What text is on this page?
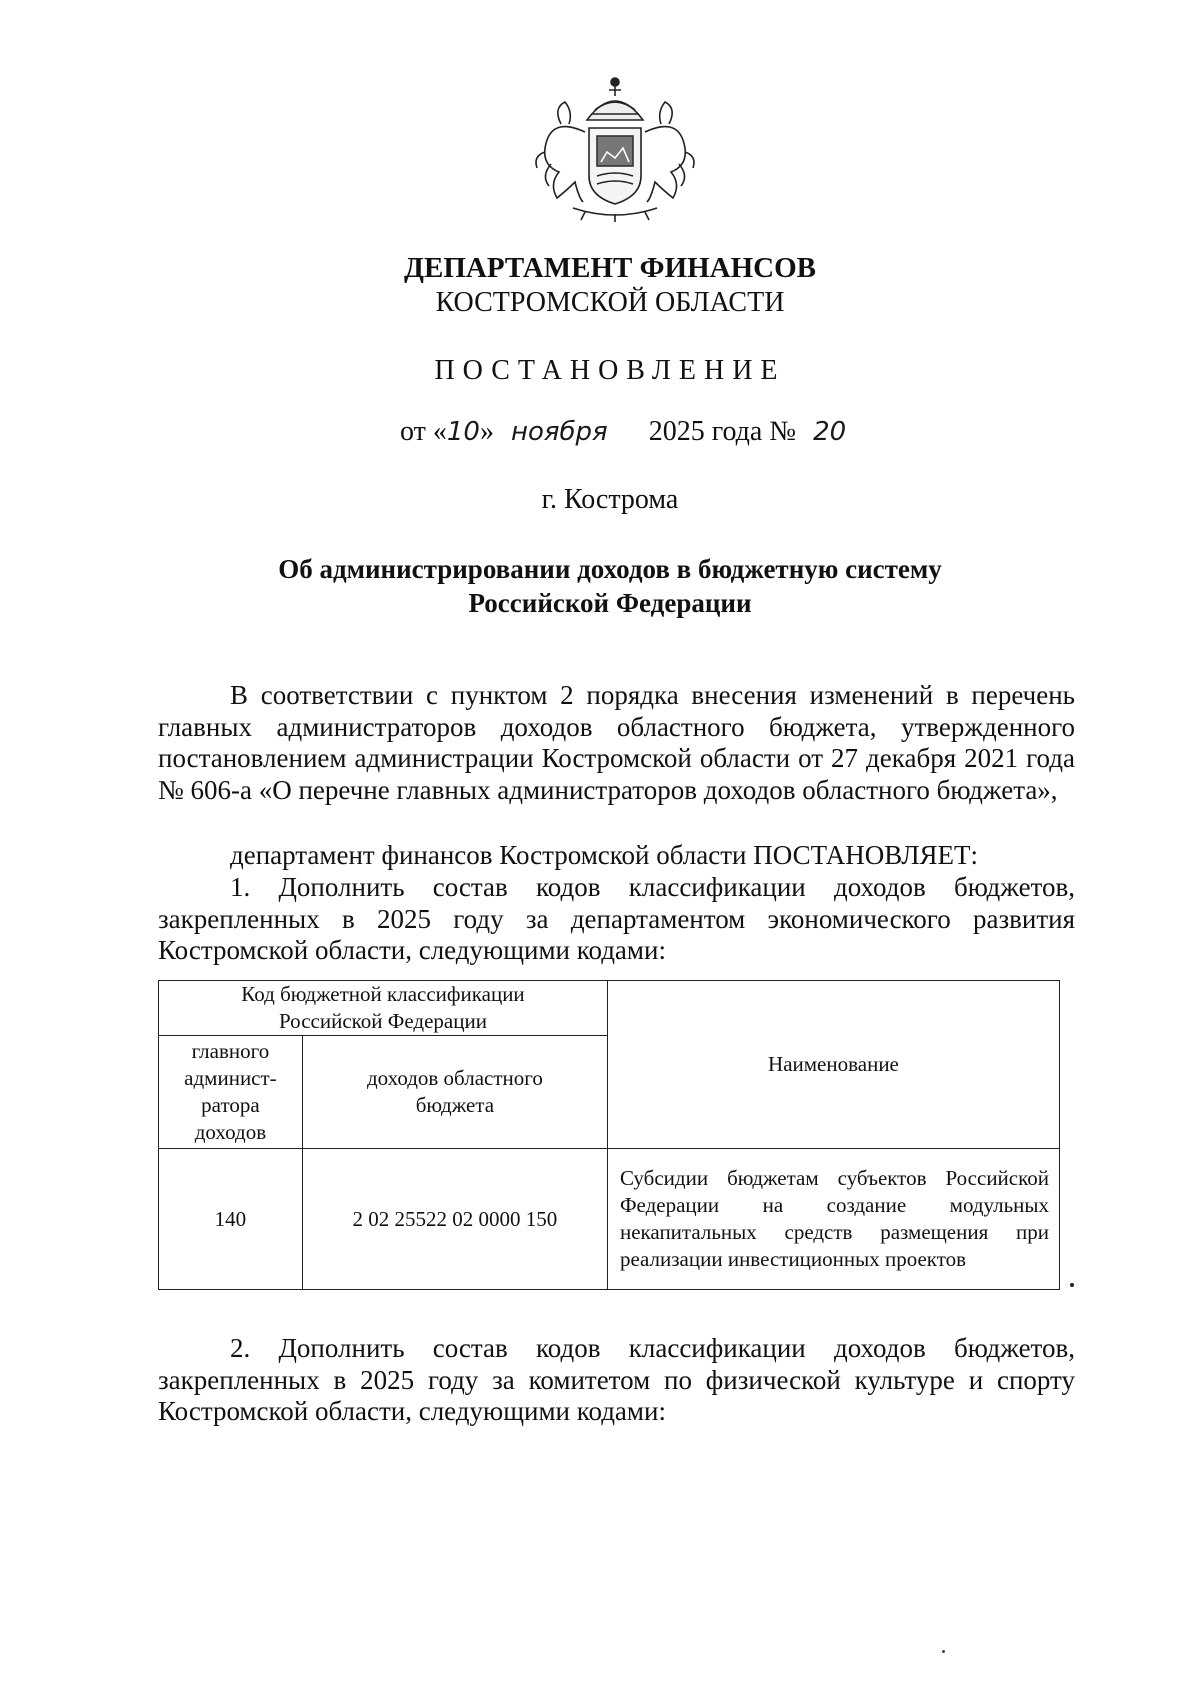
ДЕПАРТАМЕНТ ФИНАНСОВ
КОСТРОМСКОЙ ОБЛАСТИ
ПОСТАНОВЛЕНИЕ
от «10» ноября 2025 года № 20
г. Кострома
Об администрировании доходов в бюджетную систему
Российской Федерации

В соответствии с пунктом 2 порядка внесения изменений в перечень главных администраторов доходов областного бюджета, утвержденного постановлением администрации Костромской области от 27 декабря 2021 года № 606-а «О перечне главных администраторов доходов областного бюджета»,

департамент финансов Костромской области ПОСТАНОВЛЯЕТ:

1. Дополнить состав кодов классификации доходов бюджетов, закрепленных в 2025 году за департаментом экономического развития Костромской области, следующими кодами:

Код бюджетной классификации Российской Федерации		Наименование
главного админист-ратора доходов	доходов областного бюджета	
140	2 02 25522 02 0000 150	Субсидии бюджетам субъектов Российской Федерации на создание модульных некапитальных средств размещения при реализации инвестиционных проектов

2. Дополнить состав кодов классификации доходов бюджетов, закрепленных в 2025 году за комитетом по физической культуре и спорту Костромской области, следующими кодами:
